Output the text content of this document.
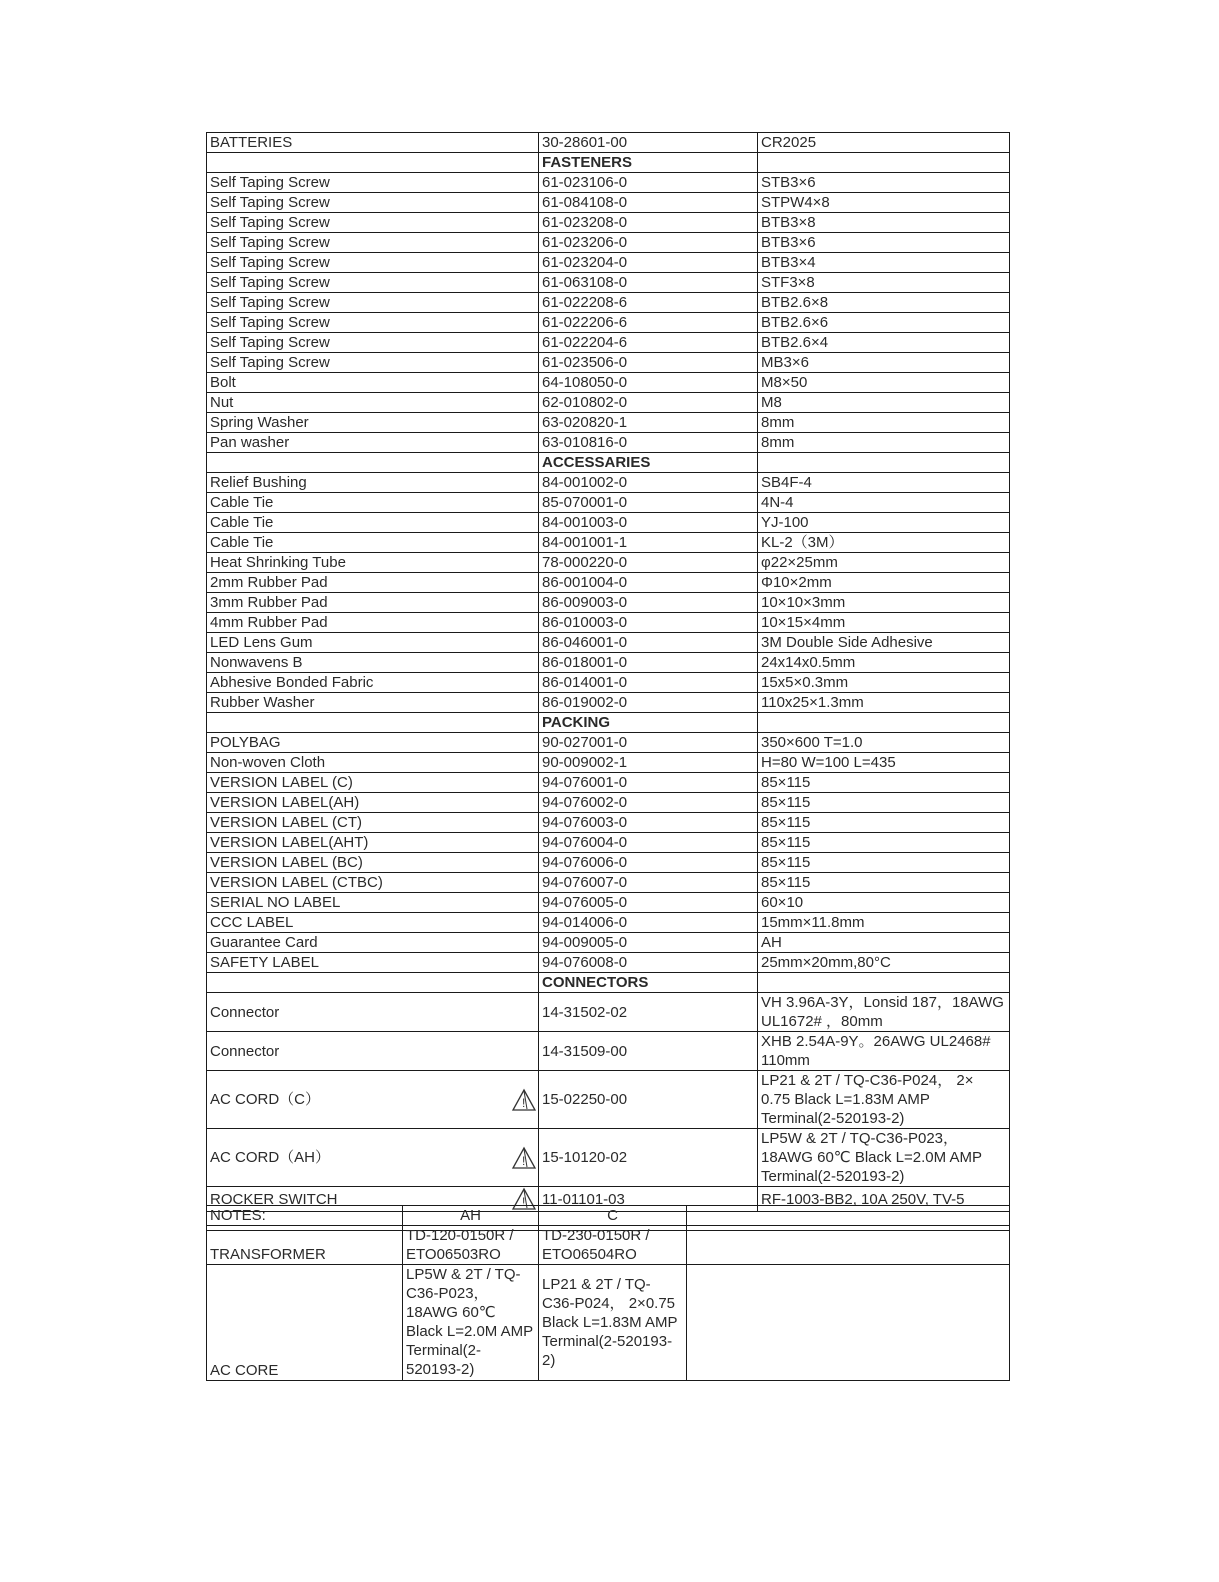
BATTERIES	30-28601-00	CR2025
	FASTENERS	
Self Taping Screw	61-023106-0	STB3×6
Self Taping Screw	61-084108-0	STPW4×8
Self Taping Screw	61-023208-0	BTB3×8
Self Taping Screw	61-023206-0	BTB3×6
Self Taping Screw	61-023204-0	BTB3×4
Self Taping Screw	61-063108-0	STF3×8
Self Taping Screw	61-022208-6	BTB2.6×8
Self Taping Screw	61-022206-6	BTB2.6×6
Self Taping Screw	61-022204-6	BTB2.6×4
Self Taping Screw	61-023506-0	MB3×6
Bolt	64-108050-0	M8×50
Nut	62-010802-0	M8
Spring Washer	63-020820-1	8mm
Pan washer	63-010816-0	8mm
	ACCESSARIES	
Relief Bushing	84-001002-0	SB4F-4
Cable Tie	85-070001-0	4N-4
Cable Tie	84-001003-0	YJ-100
Cable Tie	84-001001-1	KL-2（3M）
Heat Shrinking Tube	78-000220-0	φ22×25mm
2mm Rubber Pad	86-001004-0	Φ10×2mm
3mm Rubber Pad	86-009003-0	10×10×3mm
4mm Rubber Pad	86-010003-0	10×15×4mm
LED Lens Gum	86-046001-0	3M Double Side Adhesive
Nonwavens B	86-018001-0	24x14x0.5mm
Abhesive Bonded Fabric	86-014001-0	15x5×0.3mm
Rubber Washer	86-019002-0	110x25×1.3mm
	PACKING	
POLYBAG	90-027001-0	350×600 T=1.0
Non-woven Cloth	90-009002-1	H=80 W=100 L=435
VERSION LABEL (C)	94-076001-0	85×115
VERSION LABEL(AH)	94-076002-0	85×115
VERSION LABEL (CT)	94-076003-0	85×115
VERSION LABEL(AHT)	94-076004-0	85×115
VERSION LABEL (BC)	94-076006-0	85×115
VERSION LABEL (CTBC)	94-076007-0	85×115
SERIAL NO LABEL	94-076005-0	60×10
CCC LABEL	94-014006-0	15mm×11.8mm
Guarantee Card	94-009005-0	AH
SAFETY LABEL	94-076008-0	25mm×20mm,80°C
	CONNECTORS	
Connector	14-31502-02	VH 3.96A-3Y，Lonsid 187，18AWG UL1672# ，80mm
Connector	14-31509-00	XHB 2.54A-9Y。26AWG UL2468# 110mm
AC CORD（C）	! 15-02250-00	LP21 & 2T / TQ-C36-P024， 2× 0.75 Black L=1.83M AMP Terminal(2-520193-2)
AC CORD（AH）	! 15-10120-02	LP5W & 2T / TQ-C36-P023，18AWG 60℃ Black L=2.0M AMP Terminal(2-520193-2)
ROCKER SWITCH	! 11-01101-03	RF-1003-BB2, 10A 250V, TV-5

NOTES:	AH	C	
TRANSFORMER	TD-120-0150R / ETO06503RO	TD-230-0150R / ETO06504RO	
AC CORE	LP5W & 2T / TQ-C36-P023，18AWG 60℃ Black L=2.0M AMP Terminal(2-520193-2)	LP21 & 2T / TQ-C36-P024， 2×0.75 Black L=1.83M AMP Terminal(2-520193-2)	
